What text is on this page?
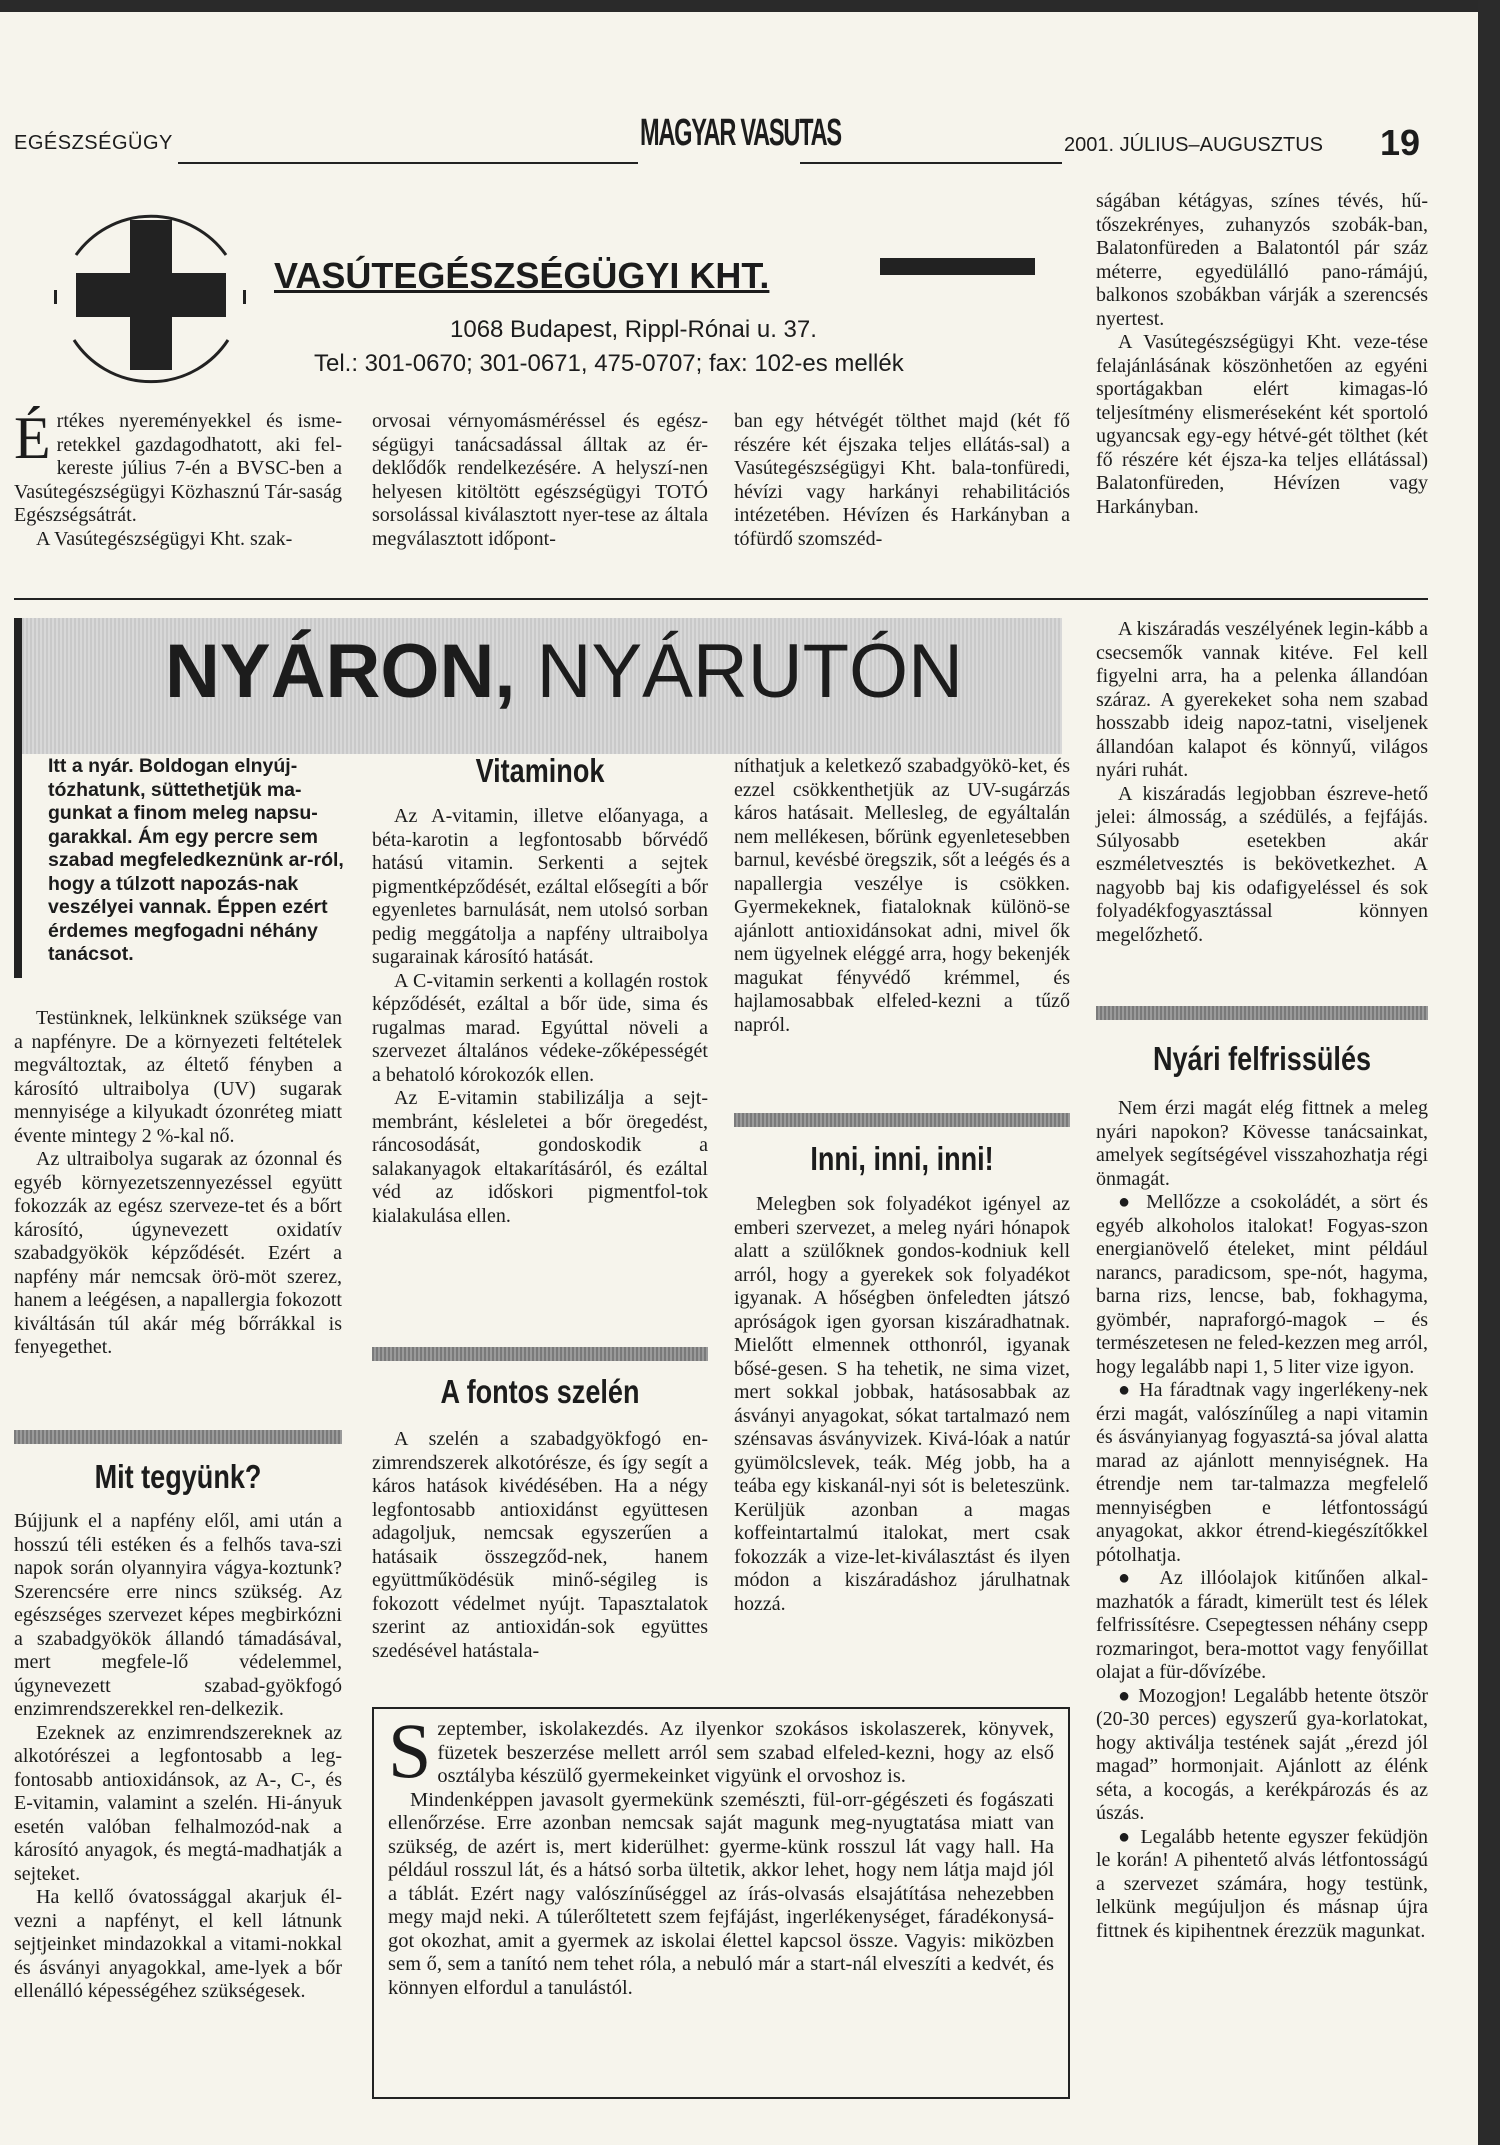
EGÉSZSÉGÜGY	MAGYAR VASUTAS	2001. JÚLIUS–AUGUSZTUS 19
VASÚTEGÉSZSÉGÜGYI KHT.
1068 Budapest, Rippl-Rónai u. 37.
Tel.: 301-0670; 301-0671, 475-0707; fax: 102-es mellék

Értékes nyereményekkel és isme-retekkel gazdagodhatott, aki fel-kereste július 7-én a BVSC-ben a Vasútegészségügyi Közhasznú Tár-saság Egészségsátrát.

A Vasútegészségügyi Kht. szak-

orvosai vérnyomásméréssel és egész-ségügyi tanácsadással álltak az ér-deklődők rendelkezésére. A helyszí-nen helyesen kitöltött egészségügyi TOTÓ sorsolással kiválasztott nyer-tese az általa megválasztott időpont-

ban egy hétvégét tölthet majd (két fő részére két éjszaka teljes ellátás-sal) a Vasútegészségügyi Kht. bala-tonfüredi, hévízi vagy harkányi rehabilitációs intézetében. Hévízen és Harkányban a tófürdő szomszéd-

ságában kétágyas, színes tévés, hű-tőszekrényes, zuhanyzós szobák-ban, Balatonfüreden a Balatontól pár száz méterre, egyedülálló pano-rámájú, balkonos szobákban várják a szerencsés nyertest.

A Vasútegészségügyi Kht. veze-tése felajánlásának köszönhetően az egyéni sportágakban elért kimagas-ló teljesítmény elismeréseként két sportoló ugyancsak egy-egy hétvé-gét tölthet (két fő részére két éjsza-ka teljes ellátással) Balatonfüreden, Hévízen vagy Harkányban.

NYÁRON, NYÁRUTÓN
Itt a nyár. Boldogan elnyúj-tózhatunk, süttethetjük ma-gunkat a finom meleg napsu-garakkal. Ám egy percre sem szabad megfeledkeznünk ar-ról, hogy a túlzott napozás-nak veszélyei vannak. Éppen ezért érdemes megfogadni néhány tanácsot.

Testünknek, lelkünknek szüksége van a napfényre. De a környezeti feltételek megváltoztak, az éltető fényben a károsító ultraibolya (UV) sugarak mennyisége a kilyukadt ózonréteg miatt évente mintegy 2 %-kal nő.

Az ultraibolya sugarak az ózonnal és egyéb környezetszennyezéssel együtt fokozzák az egész szerveze-tet és a bőrt károsító, úgynevezett oxidatív szabadgyökök képződését. Ezért a napfény már nemcsak örö-möt szerez, hanem a leégésen, a napallergia fokozott kiváltásán túl akár még bőrrákkal is fenyegethet.

Mit tegyünk?

Bújjunk el a napfény elől, ami után a hosszú téli estéken és a felhős tava-szi napok során olyannyira vágya-koztunk? Szerencsére erre nincs szükség. Az egészséges szervezet képes megbirkózni a szabadgyökök állandó támadásával, mert megfele-lő védelemmel, úgynevezett szabad-gyökfogó enzimrendszerekkel ren-delkezik.

Ezeknek az enzimrendszereknek az alkotórészei a legfontosabb a leg-fontosabb antioxidánsok, az A-, C-, és E-vitamin, valamint a szelén. Hi-ányuk esetén valóban felhalmozód-nak a károsító anyagok, és megtá-madhatják a sejteket.

Ha kellő óvatossággal akarjuk él-vezni a napfényt, el kell látnunk sejtjeinket mindazokkal a vitami-nokkal és ásványi anyagokkal, ame-lyek a bőr ellenálló képességéhez szükségesek.

Vitaminok

Az A-vitamin, illetve előanyaga, a béta-karotin a legfontosabb bőrvédő hatású vitamin. Serkenti a sejtek pigmentképződését, ezáltal elősegíti a bőr egyenletes barnulását, nem utolsó sorban pedig meggátolja a napfény ultraibolya sugarainak károsító hatását.

A C-vitamin serkenti a kollagén rostok képződését, ezáltal a bőr üde, sima és rugalmas marad. Egyúttal növeli a szervezet általános védeke-zőképességét a behatoló kórokozók ellen.

Az E-vitamin stabilizálja a sejt-membránt, késleletei a bőr öregedést, ráncosodását, gondoskodik a salakanyagok eltakarításáról, és ezáltal véd az időskori pigmentfol-tok kialakulása ellen.

A fontos szelén

A szelén a szabadgyökfogó en-zimrendszerek alkotórésze, és így segít a káros hatások kivédésében. Ha a négy legfontosabb antioxidánst együttesen adagoljuk, nemcsak egyszerűen a hatásaik összegződ-nek, hanem együttműködésük minő-ségileg is fokozott védelmet nyújt. Tapasztalatok szerint az antioxidán-sok együttes szedésével hatástala-

níthatjuk a keletkező szabadgyökö-ket, és ezzel csökkenthetjük az UV-sugárzás káros hatásait. Mellesleg, de egyáltalán nem mellékesen, bőrünk egyenletesebben barnul, kevésbé öregszik, sőt a leégés és a napallergia veszélye is csökken. Gyermekeknek, fiataloknak különö-se ajánlott antioxidánsokat adni, mivel ők nem ügyelnek eléggé arra, hogy bekenjék magukat fényvédő krémmel, és hajlamosabbak elfeled-kezni a tűző napról.

Inni, inni, inni!

Melegben sok folyadékot igényel az emberi szervezet, a meleg nyári hónapok alatt a szülőknek gondos-kodniuk kell arról, hogy a gyerekek sok folyadékot igyanak. A hőségben önfeledten játszó apróságok igen gyorsan kiszáradhatnak. Mielőtt elmennek otthonról, igyanak bősé-gesen. S ha tehetik, ne sima vizet, mert sokkal jobbak, hatásosabbak az ásványi anyagokat, sókat tartalmazó nem szénsavas ásványvizek. Kivá-lóak a natúr gyümölcslevek, teák. Még jobb, ha a teába egy kiskanál-nyi sót is beleteszünk. Kerüljük azonban a magas koffeintartalmú italokat, mert csak fokozzák a vize-let-kiválasztást és ilyen módon a kiszáradáshoz járulhatnak hozzá.

A kiszáradás veszélyének legin-kább a csecsemők vannak kitéve. Fel kell figyelni arra, ha a pelenka állandóan száraz. A gyerekeket soha nem szabad hosszabb ideig napoz-tatni, viseljenek állandóan kalapot és könnyű, világos nyári ruhát.

A kiszáradás legjobban észreve-hető jelei: álmosság, a szédülés, a fejfájás. Súlyosabb esetekben akár eszméletvesztés is bekövetkezhet. A nagyobb baj kis odafigyeléssel és sok folyadékfogyasztással könnyen megelőzhető.

Nyári felfrissülés

Nem érzi magát elég fittnek a meleg nyári napokon? Kövesse tanácsainkat, amelyek segítségével visszahozhatja régi önmagát.

● Mellőzze a csokoládét, a sört és egyéb alkoholos italokat! Fogyas-szon energianövelő ételeket, mint például narancs, paradicsom, spe-nót, hagyma, barna rizs, lencse, bab, fokhagyma, gyömbér, napraforgó-magok – és természetesen ne feled-kezzen meg arról, hogy legalább napi 1, 5 liter vize igyon.

● Ha fáradtnak vagy ingerlékeny-nek érzi magát, valószínűleg a napi vitamin és ásványianyag fogyasztá-sa jóval alatta marad az ajánlott mennyiségnek. Ha étrendje nem tar-talmazza megfelelő mennyiségben e létfontosságú anyagokat, akkor étrend-kiegészítőkkel pótolhatja.

● Az illóolajok kitűnően alkal-mazhatók a fáradt, kimerült test és lélek felfrissítésre. Csepegtessen néhány csepp rozmaringot, bera-mottot vagy fenyőillat olajat a für-dővízébe.

● Mozogjon! Legalább hetente ötször (20-30 perces) egyszerű gya-korlatokat, hogy aktiválja testének saját „érezd jól magad” hormonjait. Ajánlott az élénk séta, a kocogás, a kerékpározás és az úszás.

● Legalább hetente egyszer feküdjön le korán! A pihentető alvás létfontosságú a szervezet számára, hogy testünk, lelkünk megújuljon és másnap újra fittnek és kipihentnek érezzük magunkat.

Szeptember, iskolakezdés. Az ilyenkor szokásos iskolaszerek, könyvek, füzetek beszerzése mellett arról sem szabad elfeled-kezni, hogy az első osztályba készülő gyermekeinket vigyünk el orvoshoz is.

Mindenképpen javasolt gyermekünk szemészti, fül-orr-gégészeti és fogászati ellenőrzése. Erre azonban nemcsak saját magunk meg-nyugtatása miatt van szükség, de azért is, mert kiderülhet: gyerme-künk rosszul lát vagy hall. Ha például rosszul lát, és a hátsó sorba ültetik, akkor lehet, hogy nem látja majd jól a táblát. Ezért nagy valószínűséggel az írás-olvasás elsajátítása nehezebben megy majd neki. A túlerőltetett szem fejfájást, ingerlékenységet, fáradékonysá-got okozhat, amit a gyermek az iskolai élettel kapcsol össze. Vagyis: miközben sem ő, sem a tanító nem tehet róla, a nebuló már a start-nál elveszíti a kedvét, és könnyen elfordul a tanulástól.
